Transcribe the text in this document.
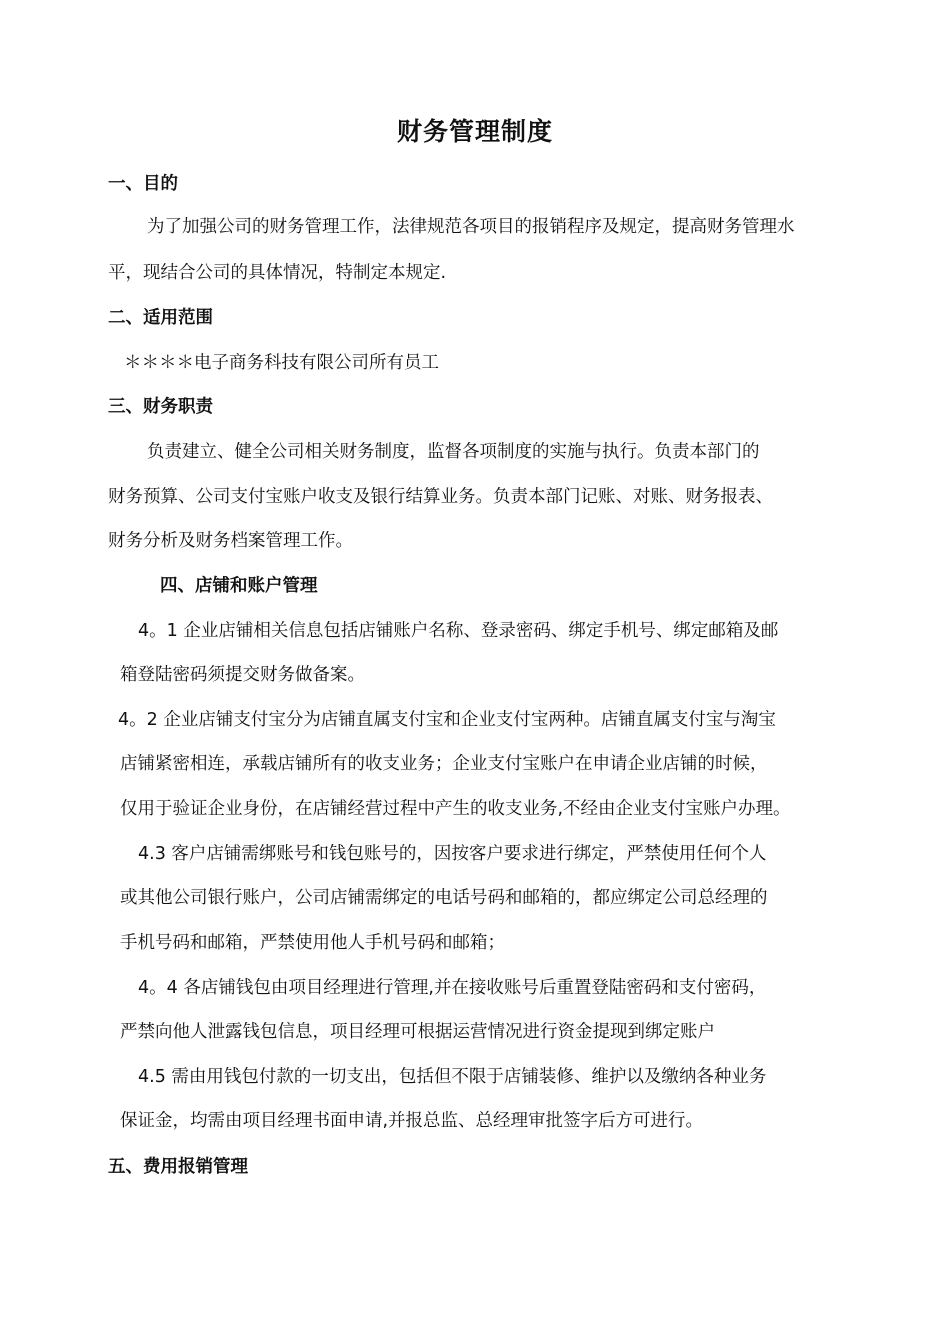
财务管理制度
一、目的
为了加强公司的财务管理工作，法律规范各项目的报销程序及规定，提高财务管理水
平，现结合公司的具体情况，特制定本规定.
二、适用范围
＊＊＊＊电子商务科技有限公司所有员工
三、财务职责
负责建立、健全公司相关财务制度，监督各项制度的实施与执行。负责本部门的
财务预算、公司支付宝账户收支及银行结算业务。负责本部门记账、对账、财务报表、
财务分析及财务档案管理工作。
四、店铺和账户管理
4。1 企业店铺相关信息包括店铺账户名称、登录密码、绑定手机号、绑定邮箱及邮
箱登陆密码须提交财务做备案。
4。2 企业店铺支付宝分为店铺直属支付宝和企业支付宝两种。店铺直属支付宝与淘宝
店铺紧密相连，承载店铺所有的收支业务；企业支付宝账户在申请企业店铺的时候，
仅用于验证企业身份，在店铺经营过程中产生的收支业务,不经由企业支付宝账户办理。
4.3 客户店铺需绑账号和钱包账号的，因按客户要求进行绑定，严禁使用任何个人
或其他公司银行账户，公司店铺需绑定的电话号码和邮箱的，都应绑定公司总经理的
手机号码和邮箱，严禁使用他人手机号码和邮箱；
4。4 各店铺钱包由项目经理进行管理,并在接收账号后重置登陆密码和支付密码，
严禁向他人泄露钱包信息，项目经理可根据运营情况进行资金提现到绑定账户
4.5 需由用钱包付款的一切支出，包括但不限于店铺装修、维护以及缴纳各种业务
保证金，均需由项目经理书面申请,并报总监、总经理审批签字后方可进行。
五、费用报销管理
